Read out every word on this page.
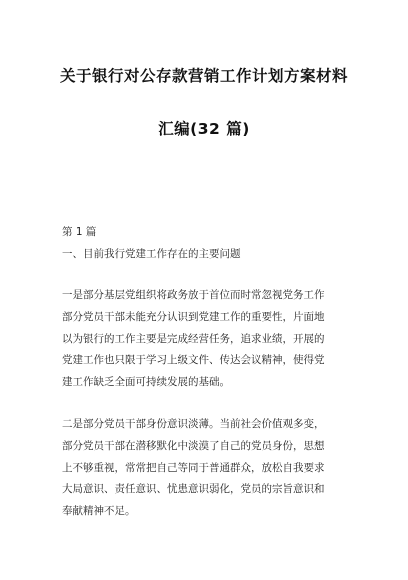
关于银行对公存款营销工作计划方案材料
汇编(32 篇)
第 1 篇
一、目前我行党建工作存在的主要问题
一是部分基层党组织将政务放于首位而时常忽视党务工作
部分党员干部未能充分认识到党建工作的重要性，片面地
以为银行的工作主要是完成经营任务，追求业绩，开展的
党建工作也只限于学习上级文件、传达会议精神，使得党
建工作缺乏全面可持续发展的基础。
二是部分党员干部身份意识淡薄。当前社会价值观多变，
部分党员干部在潜移默化中淡漠了自己的党员身份，思想
上不够重视，常常把自己等同于普通群众，放松自我要求
大局意识、责任意识、忧患意识弱化，党员的宗旨意识和
奉献精神不足。
